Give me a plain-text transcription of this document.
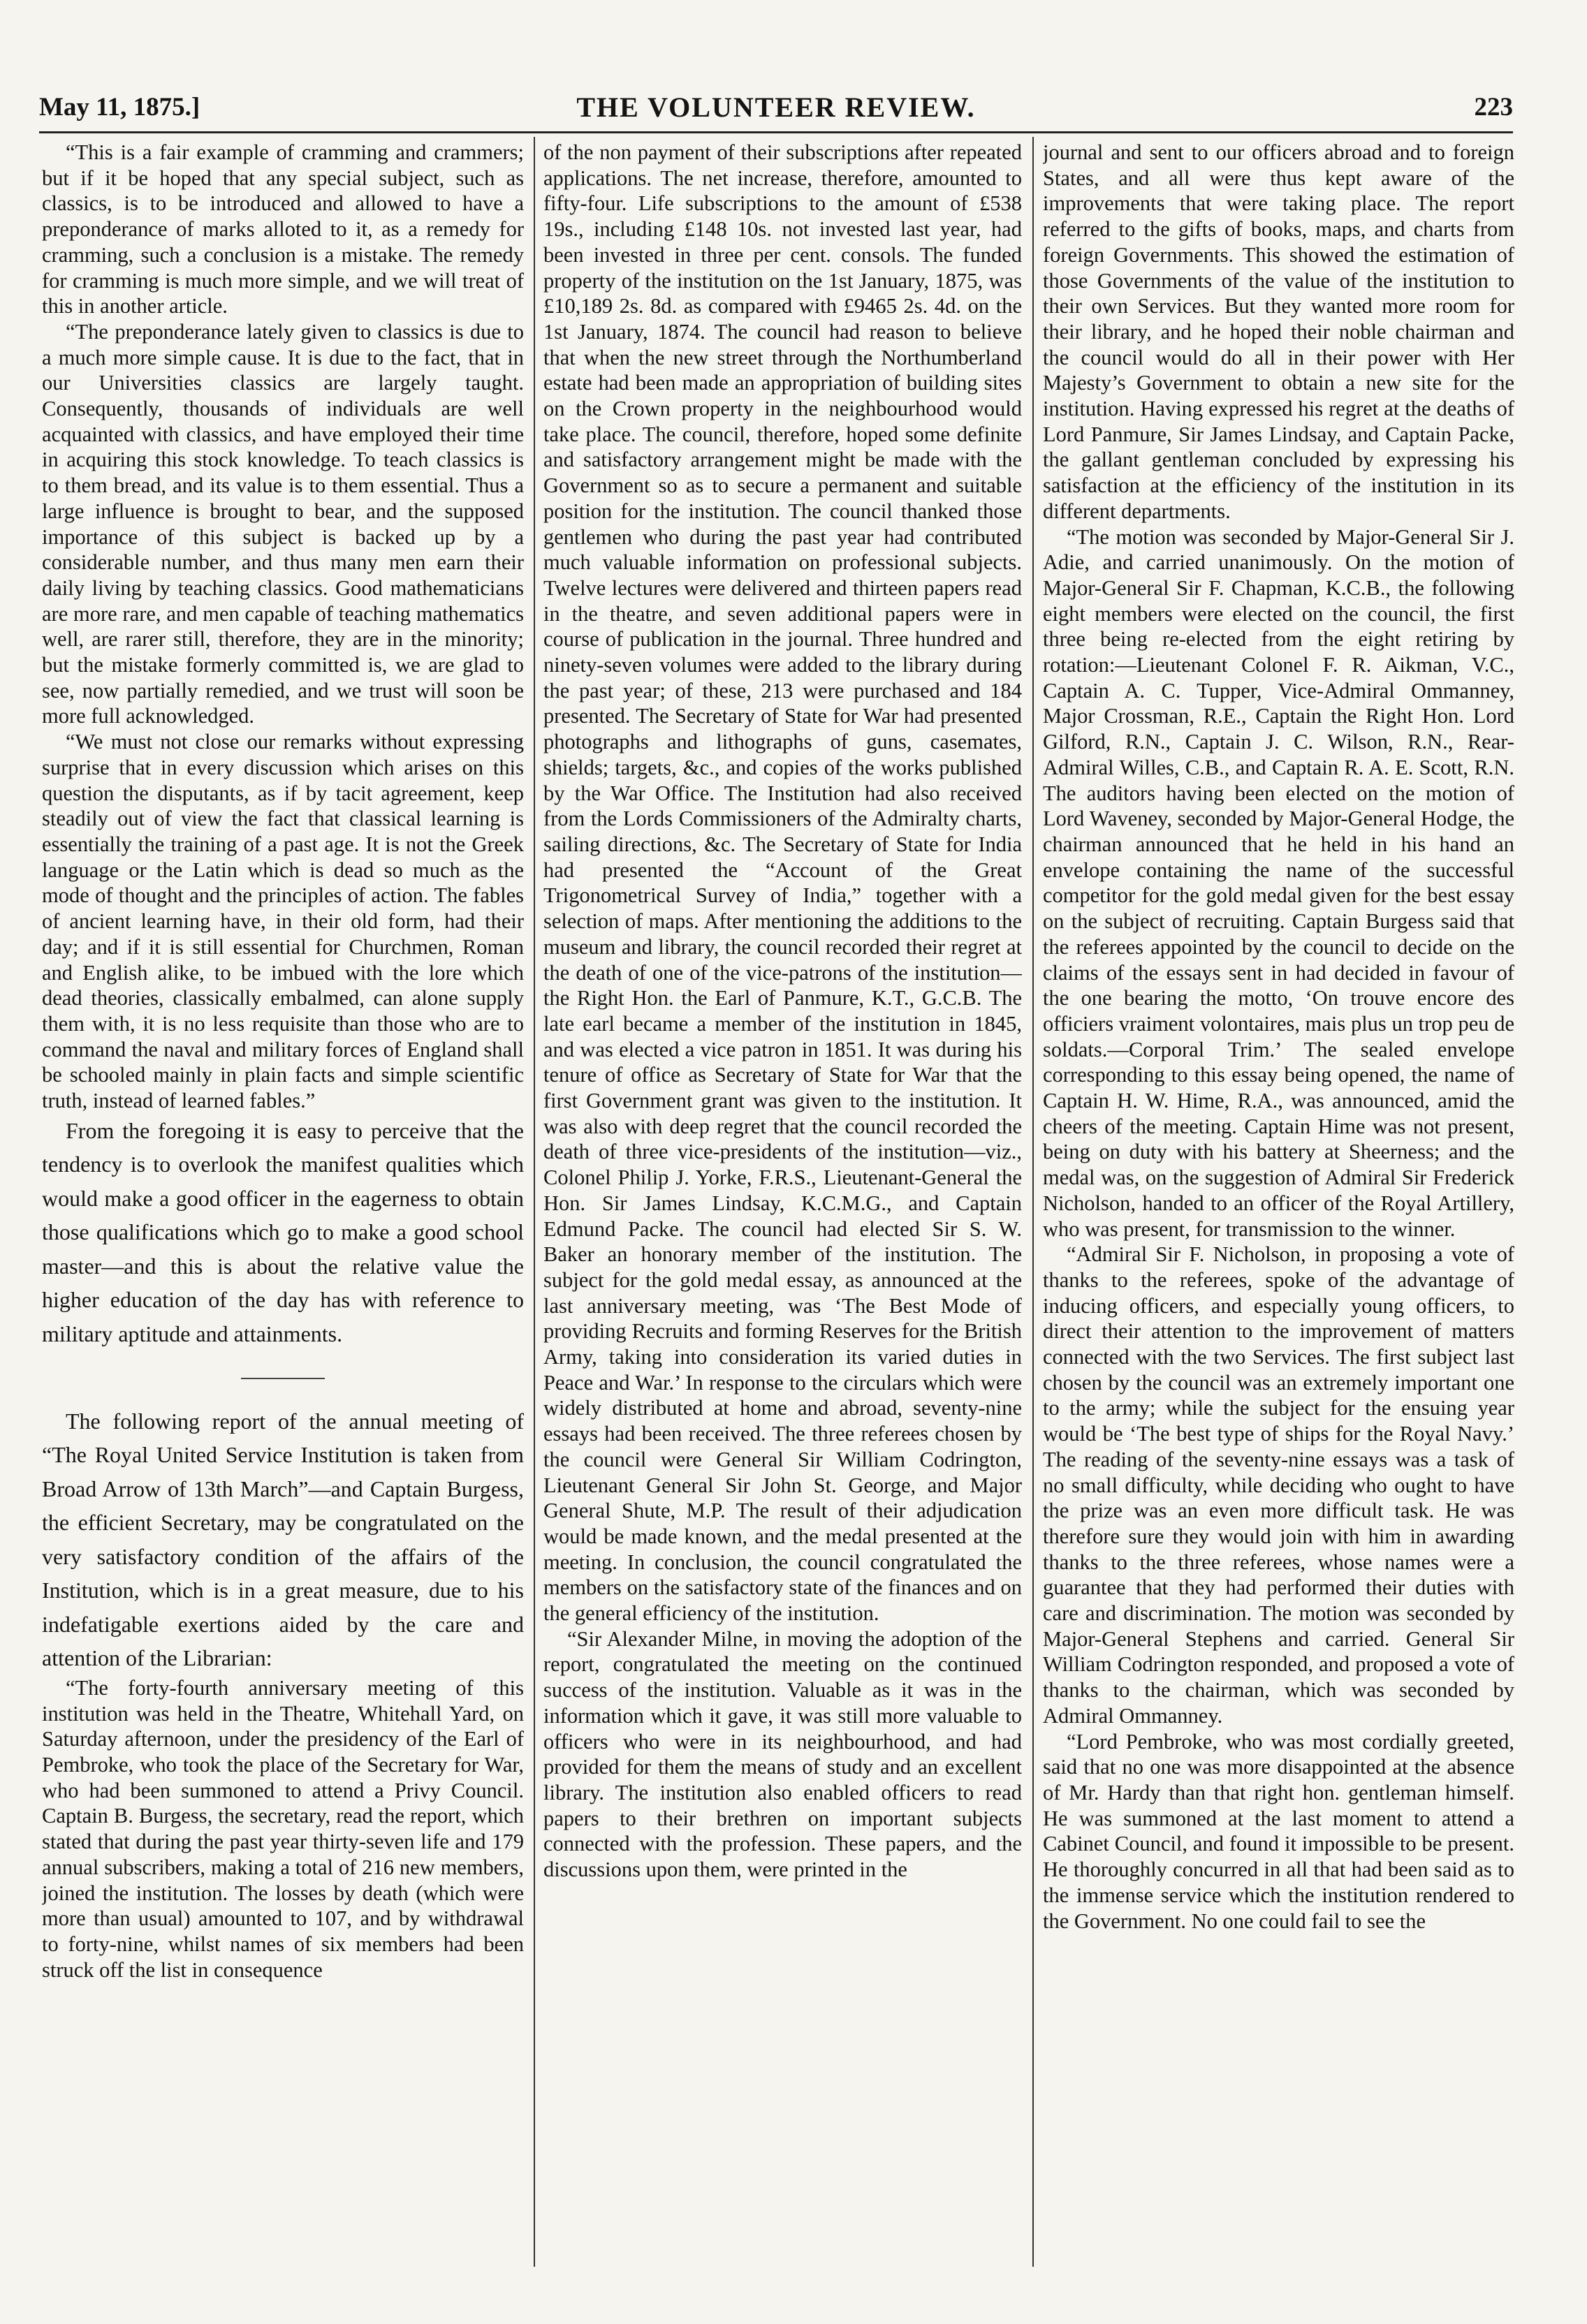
May 11, 1875.]	THE VOLUNTEER REVIEW.	223

“This is a fair example of cramming and crammers; but if it be hoped that any special subject, such as classics, is to be introduced and allowed to have a preponderance of marks alloted to it, as a remedy for cramming, such a conclusion is a mistake. The remedy for cramming is much more simple, and we will treat of this in another article.

“The preponderance lately given to classics is due to a much more simple cause. It is due to the fact, that in our Universities classics are largely taught. Consequently, thousands of individuals are well acquainted with classics, and have employed their time in acquiring this stock knowledge. To teach classics is to them bread, and its value is to them essential. Thus a large influence is brought to bear, and the supposed importance of this subject is backed up by a considerable number, and thus many men earn their daily living by teaching classics. Good mathematicians are more rare, and men capable of teaching mathematics well, are rarer still, therefore, they are in the minority; but the mistake formerly committed is, we are glad to see, now partially remedied, and we trust will soon be more full acknowledged.

“We must not close our remarks without expressing surprise that in every discussion which arises on this question the disputants, as if by tacit agreement, keep steadily out of view the fact that classical learning is essentially the training of a past age. It is not the Greek language or the Latin which is dead so much as the mode of thought and the principles of action. The fables of ancient learning have, in their old form, had their day; and if it is still essential for Churchmen, Roman and English alike, to be imbued with the lore which dead theories, classically embalmed, can alone supply them with, it is no less requisite than those who are to command the naval and military forces of England shall be schooled mainly in plain facts and simple scientific truth, instead of learned fables.”

From the foregoing it is easy to perceive that the tendency is to overlook the manifest qualities which would make a good officer in the eagerness to obtain those qualifications which go to make a good school master—and this is about the relative value the higher education of the day has with reference to military aptitude and attainments.

The following report of the annual meeting of “The Royal United Service Institution is taken from Broad Arrow of 13th March”—and Captain Burgess, the efficient Secretary, may be congratulated on the very satisfactory condition of the affairs of the Institution, which is in a great measure, due to his indefatigable exertions aided by the care and attention of the Librarian:

“The forty-fourth anniversary meeting of this institution was held in the Theatre, Whitehall Yard, on Saturday afternoon, under the presidency of the Earl of Pembroke, who took the place of the Secretary for War, who had been summoned to attend a Privy Council. Captain B. Burgess, the secretary, read the report, which stated that during the past year thirty-seven life and 179 annual subscribers, making a total of 216 new members, joined the institution. The losses by death (which were more than usual) amounted to 107, and by withdrawal to forty-nine, whilst names of six members had been struck off the list in consequence

of the non payment of their subscriptions after repeated applications. The net increase, therefore, amounted to fifty-four. Life subscriptions to the amount of £538 19s., including £148 10s. not invested last year, had been invested in three per cent. consols. The funded property of the institution on the 1st January, 1875, was £10,189 2s. 8d. as compared with £9465 2s. 4d. on the 1st January, 1874. The council had reason to believe that when the new street through the Northumberland estate had been made an appropriation of building sites on the Crown property in the neighbourhood would take place. The council, therefore, hoped some definite and satisfactory arrangement might be made with the Government so as to secure a permanent and suitable position for the institution. The council thanked those gentlemen who during the past year had contributed much valuable information on professional subjects. Twelve lectures were delivered and thirteen papers read in the theatre, and seven additional papers were in course of publication in the journal. Three hundred and ninety-seven volumes were added to the library during the past year; of these, 213 were purchased and 184 presented. The Secretary of State for War had presented photographs and lithographs of guns, casemates, shields; targets, &c., and copies of the works published by the War Office. The Institution had also received from the Lords Commissioners of the Admiralty charts, sailing directions, &c. The Secretary of State for India had presented the “Account of the Great Trigonometrical Survey of India,” together with a selection of maps. After mentioning the additions to the museum and library, the council recorded their regret at the death of one of the vice-patrons of the institution—the Right Hon. the Earl of Panmure, K.T., G.C.B. The late earl became a member of the institution in 1845, and was elected a vice patron in 1851. It was during his tenure of office as Secretary of State for War that the first Government grant was given to the institution. It was also with deep regret that the council recorded the death of three vice-presidents of the institution—viz., Colonel Philip J. Yorke, F.R.S., Lieutenant-General the Hon. Sir James Lindsay, K.C.M.G., and Captain Edmund Packe. The council had elected Sir S. W. Baker an honorary member of the institution. The subject for the gold medal essay, as announced at the last anniversary meeting, was ‘The Best Mode of providing Recruits and forming Reserves for the British Army, taking into consideration its varied duties in Peace and War.’ In response to the circulars which were widely distributed at home and abroad, seventy-nine essays had been received. The three referees chosen by the council were General Sir William Codrington, Lieutenant General Sir John St. George, and Major General Shute, M.P. The result of their adjudication would be made known, and the medal presented at the meeting. In conclusion, the council congratulated the members on the satisfactory state of the finances and on the general efficiency of the institution.

“Sir Alexander Milne, in moving the adoption of the report, congratulated the meeting on the continued success of the institution. Valuable as it was in the information which it gave, it was still more valuable to officers who were in its neighbourhood, and had provided for them the means of study and an excellent library. The institution also enabled officers to read papers to their brethren on important subjects connected with the profession. These papers, and the discussions upon them, were printed in the

journal and sent to our officers abroad and to foreign States, and all were thus kept aware of the improvements that were taking place. The report referred to the gifts of books, maps, and charts from foreign Governments. This showed the estimation of those Governments of the value of the institution to their own Services. But they wanted more room for their library, and he hoped their noble chairman and the council would do all in their power with Her Majesty’s Government to obtain a new site for the institution. Having expressed his regret at the deaths of Lord Panmure, Sir James Lindsay, and Captain Packe, the gallant gentleman concluded by expressing his satisfaction at the efficiency of the institution in its different departments.

“The motion was seconded by Major-General Sir J. Adie, and carried unanimously. On the motion of Major-General Sir F. Chapman, K.C.B., the following eight members were elected on the council, the first three being re-elected from the eight retiring by rotation:—Lieutenant Colonel F. R. Aikman, V.C., Captain A. C. Tupper, Vice-Admiral Ommanney, Major Crossman, R.E., Captain the Right Hon. Lord Gilford, R.N., Captain J. C. Wilson, R.N., Rear-Admiral Willes, C.B., and Captain R. A. E. Scott, R.N. The auditors having been elected on the motion of Lord Waveney, seconded by Major-General Hodge, the chairman announced that he held in his hand an envelope containing the name of the successful competitor for the gold medal given for the best essay on the subject of recruiting. Captain Burgess said that the referees appointed by the council to decide on the claims of the essays sent in had decided in favour of the one bearing the motto, ‘On trouve encore des officiers vraiment volontaires, mais plus un trop peu de soldats.—Corporal Trim.’ The sealed envelope corresponding to this essay being opened, the name of Captain H. W. Hime, R.A., was announced, amid the cheers of the meeting. Captain Hime was not present, being on duty with his battery at Sheerness; and the medal was, on the suggestion of Admiral Sir Frederick Nicholson, handed to an officer of the Royal Artillery, who was present, for transmission to the winner.

“Admiral Sir F. Nicholson, in proposing a vote of thanks to the referees, spoke of the advantage of inducing officers, and especially young officers, to direct their attention to the improvement of matters connected with the two Services. The first subject last chosen by the council was an extremely important one to the army; while the subject for the ensuing year would be ‘The best type of ships for the Royal Navy.’ The reading of the seventy-nine essays was a task of no small difficulty, while deciding who ought to have the prize was an even more difficult task. He was therefore sure they would join with him in awarding thanks to the three referees, whose names were a guarantee that they had performed their duties with care and discrimination. The motion was seconded by Major-General Stephens and carried. General Sir William Codrington responded, and proposed a vote of thanks to the chairman, which was seconded by Admiral Ommanney.

“Lord Pembroke, who was most cordially greeted, said that no one was more disappointed at the absence of Mr. Hardy than that right hon. gentleman himself. He was summoned at the last moment to attend a Cabinet Council, and found it impossible to be present. He thoroughly concurred in all that had been said as to the immense service which the institution rendered to the Government. No one could fail to see the
